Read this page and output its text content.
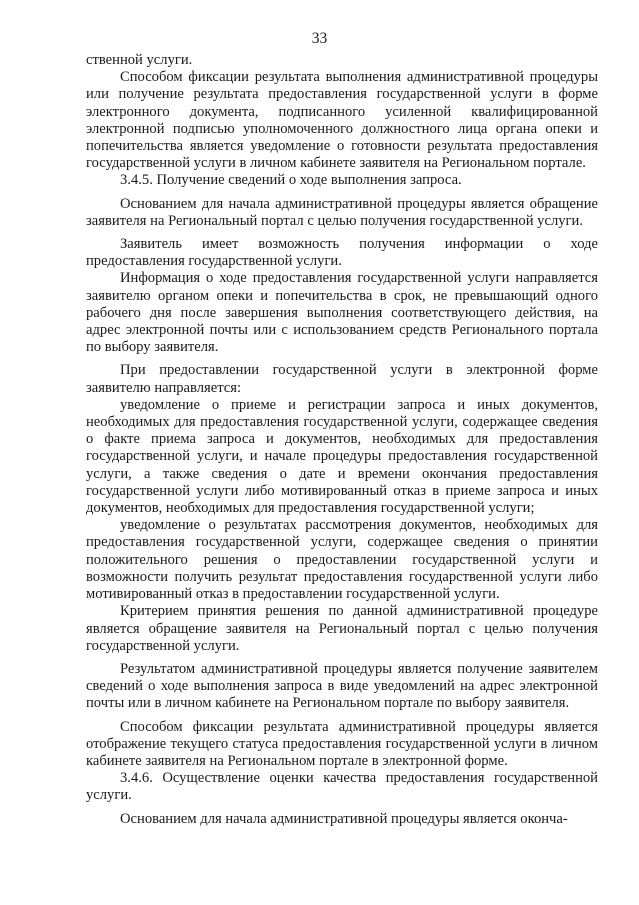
33

ственной услуги.

Способом фиксации результата выполнения административной процедуры или получение результата предоставления государственной услуги в форме электронного документа, подписанного усиленной квалифицированной электронной подписью уполномоченного должностного лица органа опеки и попечительства является уведомление о готовности результата предоставления государственной услуги в личном кабинете заявителя на Региональном портале.

3.4.5. Получение сведений о ходе выполнения запроса.

Основанием для начала административной процедуры является обращение заявителя на Региональный портал с целью получения государственной услуги.

Заявитель имеет возможность получения информации о ходе предоставления государственной услуги.

Информация о ходе предоставления государственной услуги направляется заявителю органом опеки и попечительства в срок, не превышающий одного рабочего дня после завершения выполнения соответствующего действия, на адрес электронной почты или с использованием средств Регионального портала по выбору заявителя.

При предоставлении государственной услуги в электронной форме заявителю направляется:

уведомление о приеме и регистрации запроса и иных документов, необходимых для предоставления государственной услуги, содержащее сведения о факте приема запроса и документов, необходимых для предоставления государственной услуги, и начале процедуры предоставления государственной услуги, а также сведения о дате и времени окончания предоставления государственной услуги либо мотивированный отказ в приеме запроса и иных документов, необходимых для предоставления государственной услуги;

уведомление о результатах рассмотрения документов, необходимых для предоставления государственной услуги, содержащее сведения о принятии положительного решения о предоставлении государственной услуги и возможности получить результат предоставления государственной услуги либо мотивированный отказ в предоставлении государственной услуги.

Критерием принятия решения по данной административной процедуре является обращение заявителя на Региональный портал с целью получения государственной услуги.

Результатом административной процедуры является получение заявителем сведений о ходе выполнения запроса в виде уведомлений на адрес электронной почты или в личном кабинете на Региональном портале по выбору заявителя.

Способом фиксации результата административной процедуры является отображение текущего статуса предоставления государственной услуги в личном кабинете заявителя на Региональном портале в электронной форме.

3.4.6. Осуществление оценки качества предоставления государственной услуги.

Основанием для начала административной процедуры является оконча-
